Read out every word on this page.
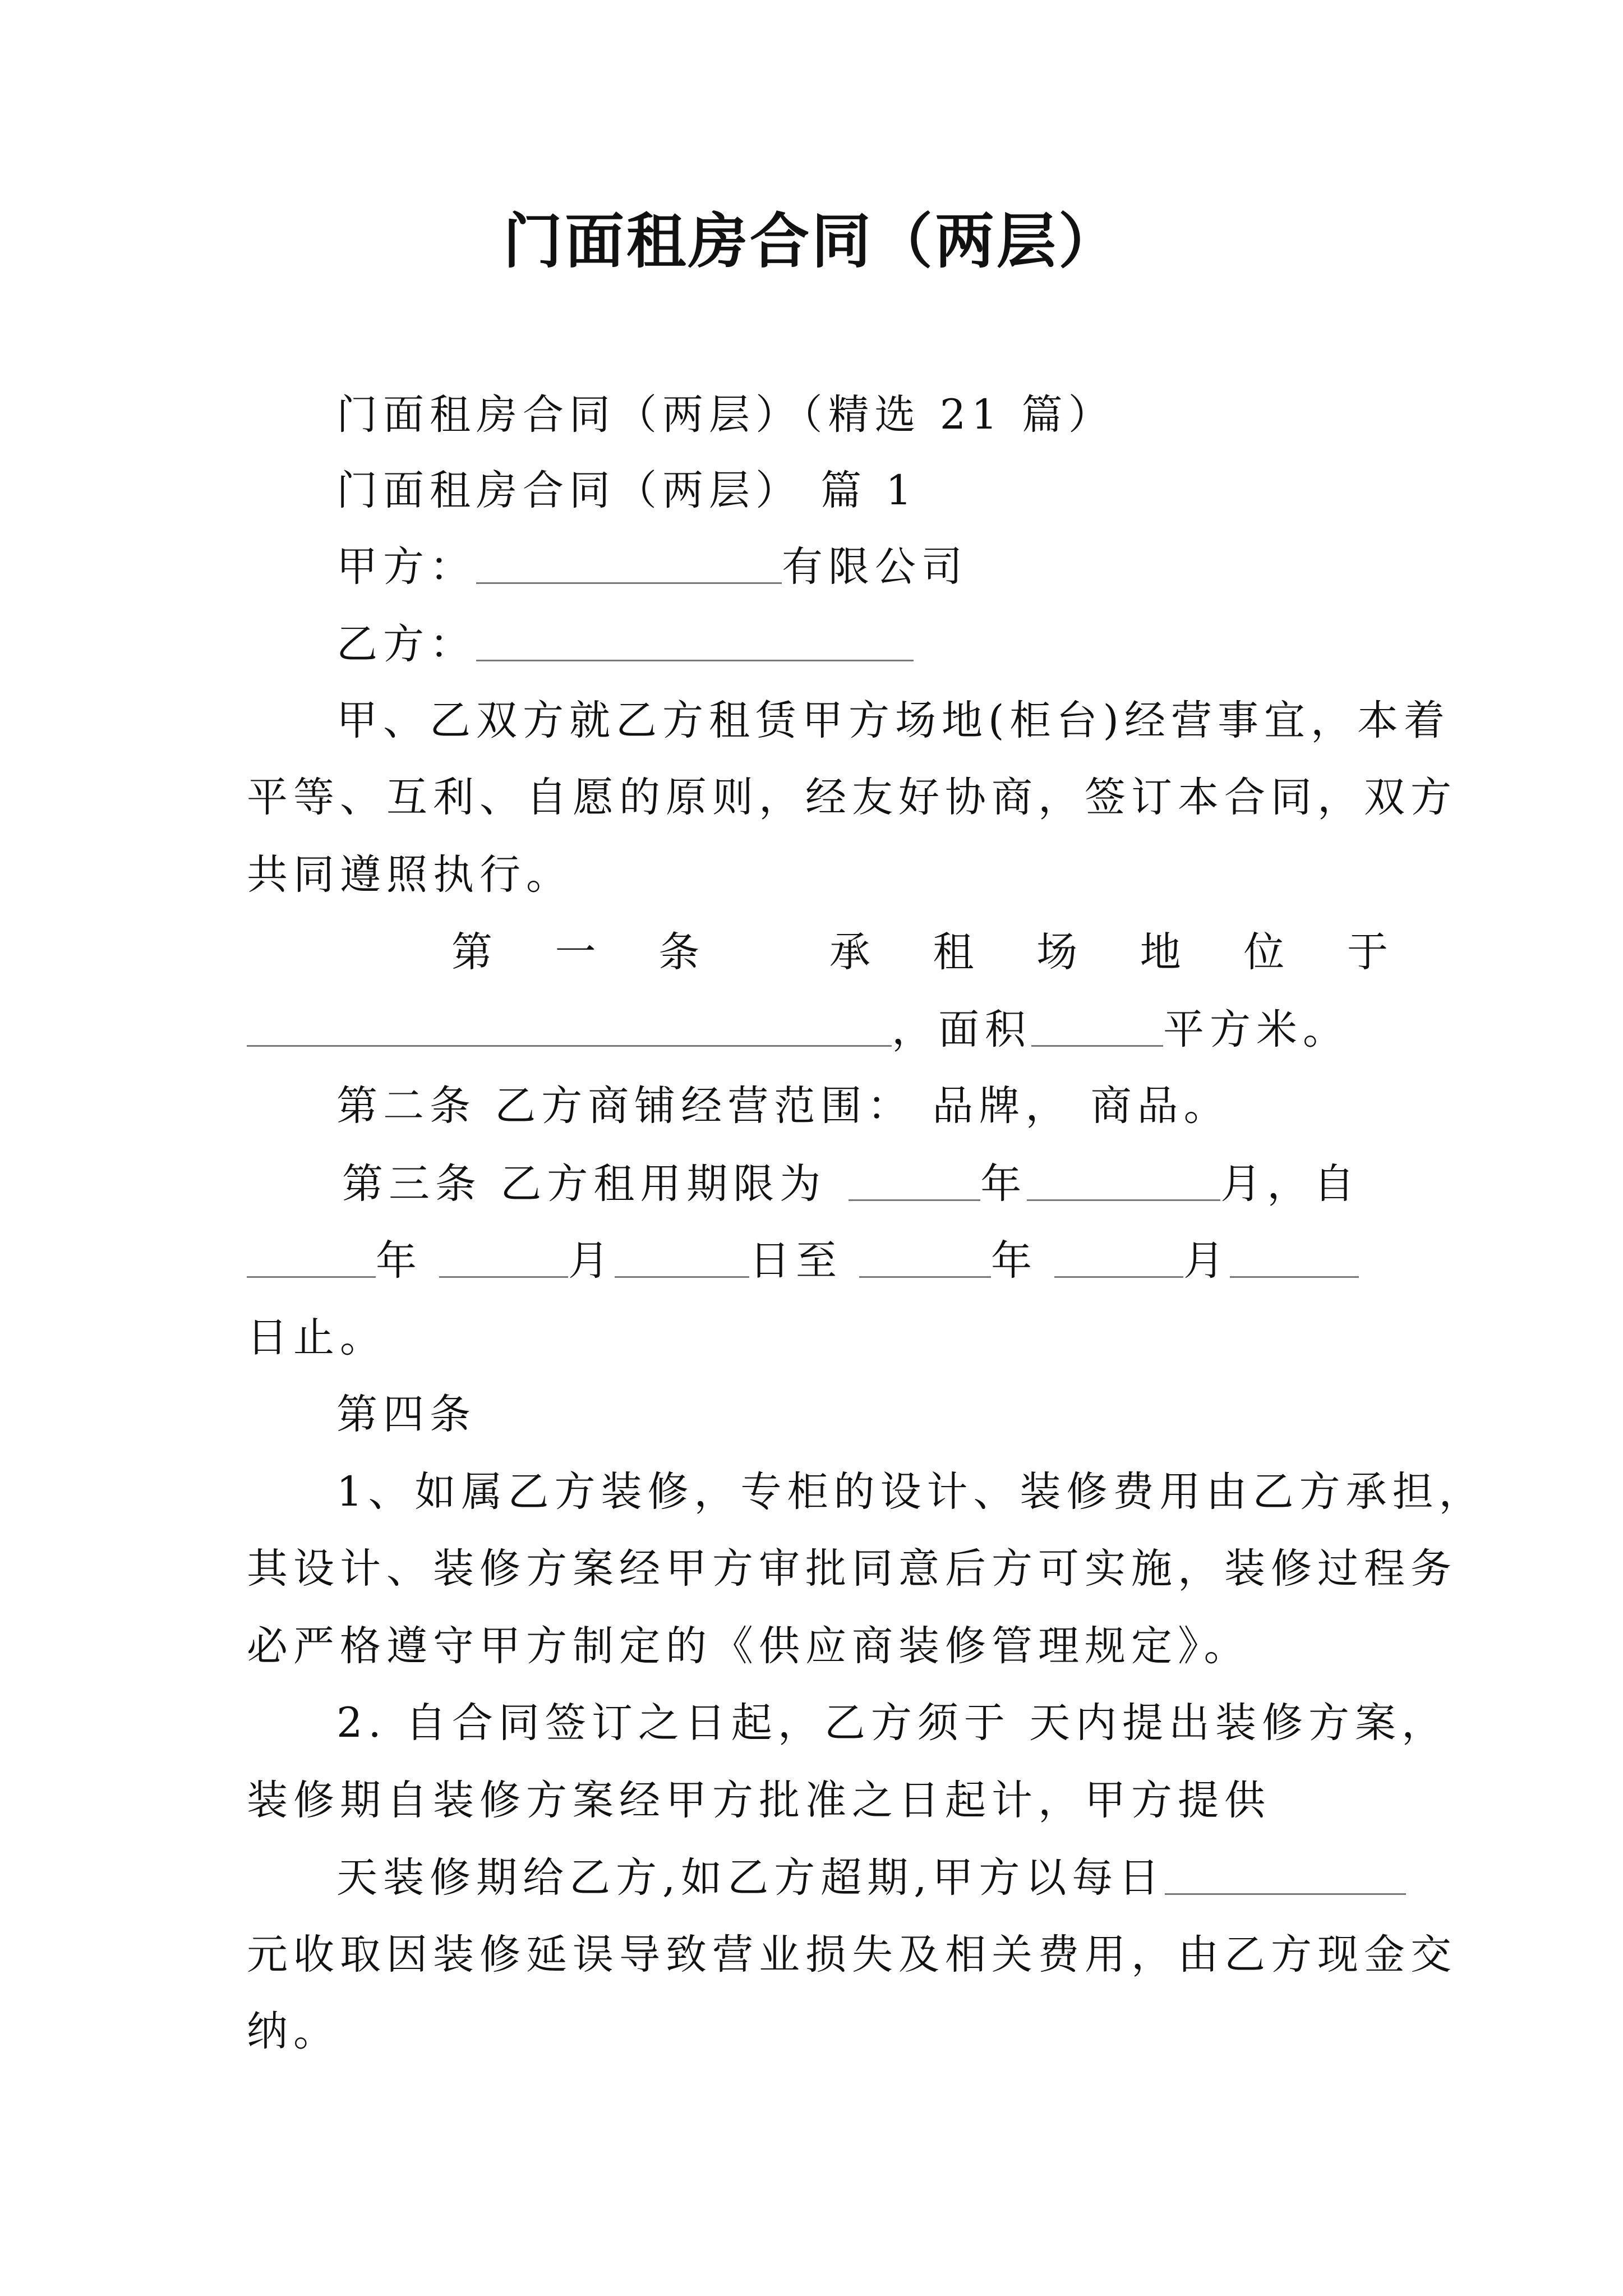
门面租房合同（两层）
门面租房合同（两层）（精选 21 篇）
门面租房合同（两层） 篇 1
甲方：	有限公司
乙方：
甲、乙双方就乙方租赁甲方场地(柜台)经营事宜，本着
平等、互利、自愿的原则，经友好协商，签订本合同，双方
共同遵照执行。
第 一 条	承 租 场 地 位 于
，面积	平方米。
第二条 乙方商铺经营范围： 品牌， 商品。
第三条 乙方租用期限为	年	月，自
年	月	日至	年	月
日止。
第四条
1、如属乙方装修，专柜的设计、装修费用由乙方承担，
其设计、装修方案经甲方审批同意后方可实施，装修过程务
必严格遵守甲方制定的《供应商装修管理规定》。
2. 自合同签订之日起，乙方须于 天内提出装修方案，
装修期自装修方案经甲方批准之日起计，甲方提供
天装修期给乙方,如乙方超期,甲方以每日
元收取因装修延误导致营业损失及相关费用，由乙方现金交
纳。
